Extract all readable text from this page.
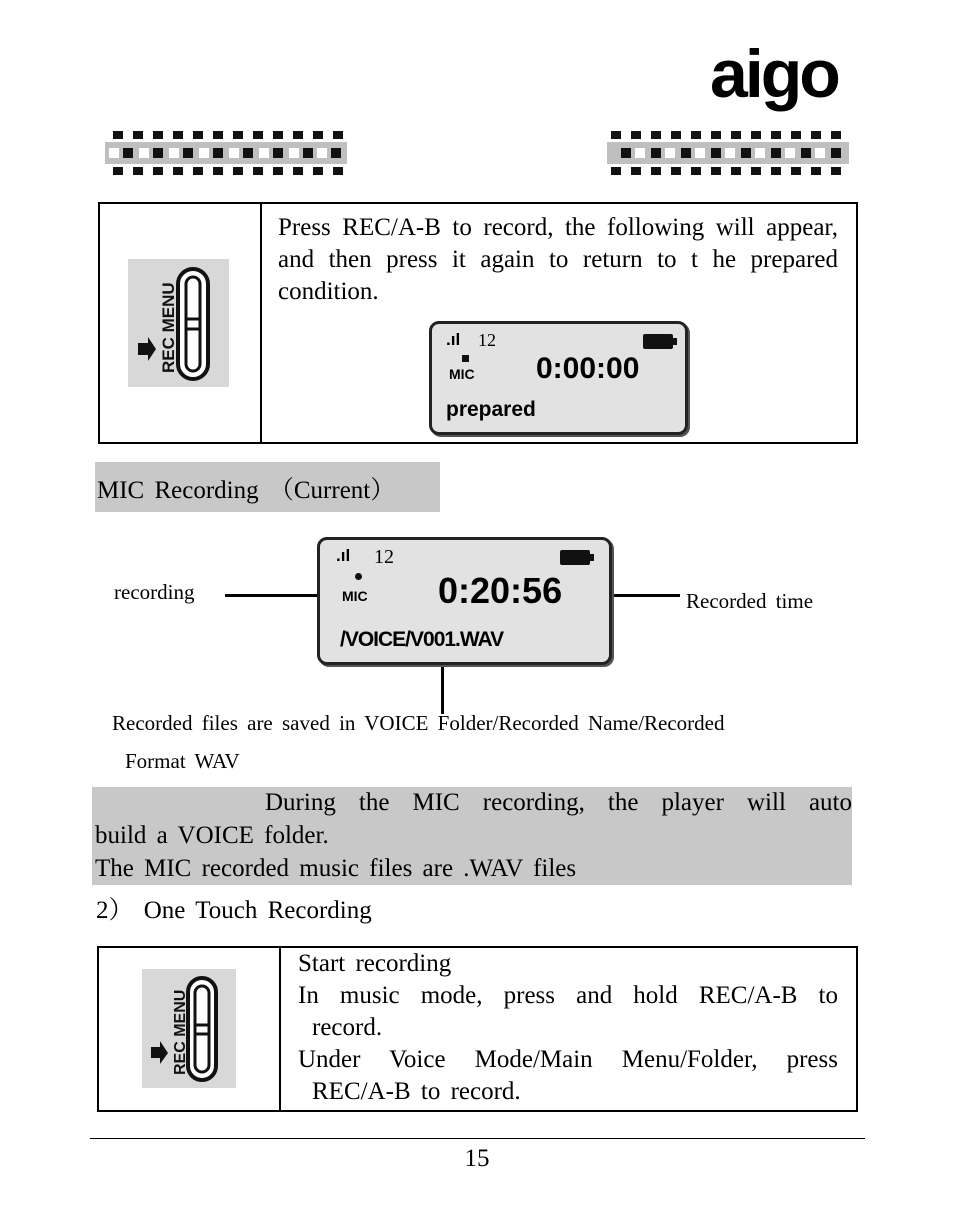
aigo
REC MENU
Press REC/A-B to record, the following will appear, and then press it again to return to t he prepared condition.
.ıl 12
MIC 0:00:00
prepared
MIC Recording （Current）
recording	Recorded time
.ıl 12
MIC 0:20:56
/VOICE/V001.WAV
Recorded files are saved in VOICE Folder/Recorded Name/Recorded
Format WAV
During the MIC recording, the player will auto
build a VOICE folder.
The MIC recorded music files are .WAV files
2） One Touch Recording
REC MENU
Start recording
In music mode, press and hold REC/A-B to
record.
Under Voice Mode/Main Menu/Folder, press
REC/A-B to record.
15
